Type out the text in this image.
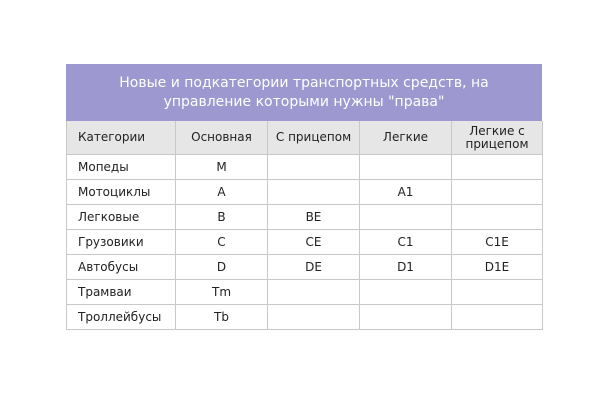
Новые и подкатегории транспортных средств, на
управление которыми нужны "права"
Категории	Основная	С прицепом	Легкие	Легкие с прицепом
Мопеды	M			
Мотоциклы	A		A1	
Легковые	B	BE		
Грузовики	C	CE	C1	C1E
Автобусы	D	DE	D1	D1E
Трамваи	Tm			
Троллейбусы	Tb			
